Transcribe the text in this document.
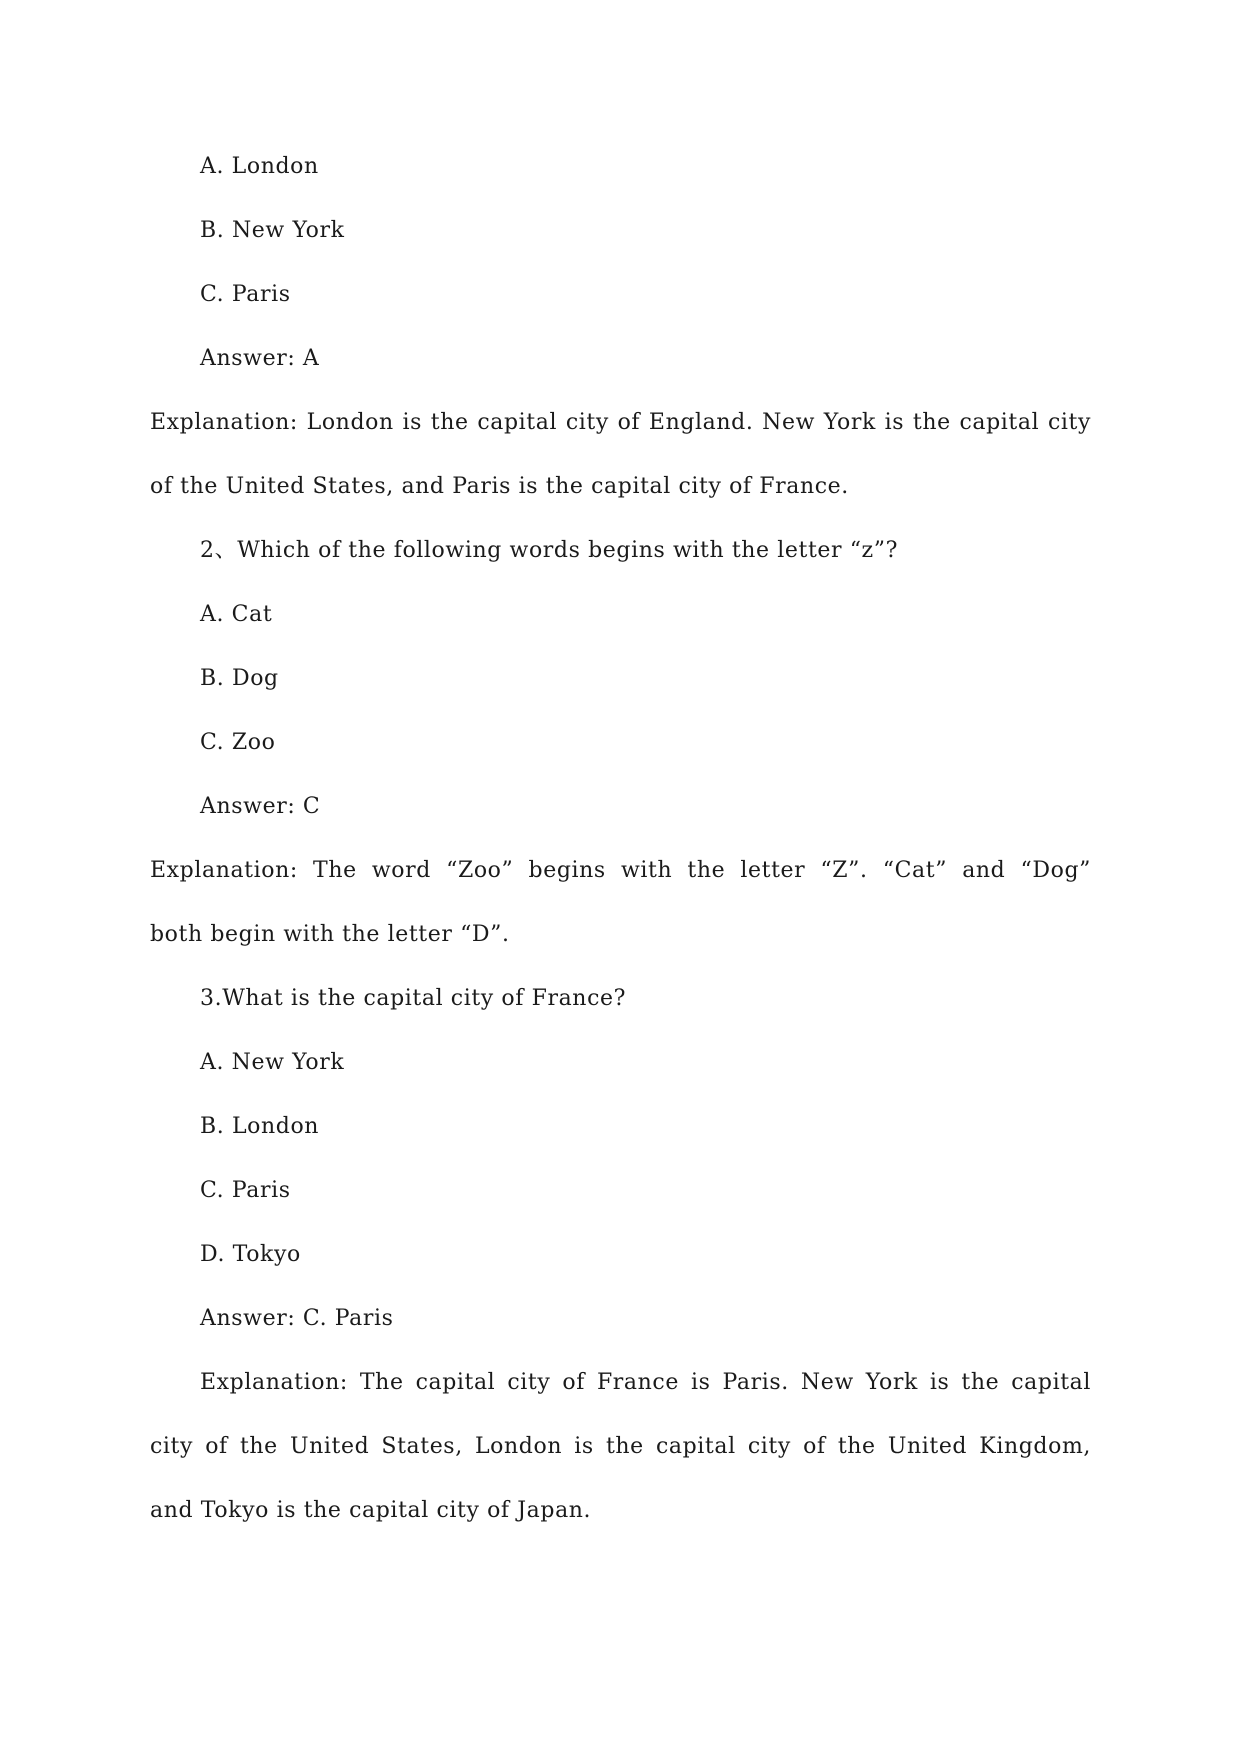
A. London

B. New York

C. Paris

Answer: A

Explanation: London is the capital city of England. New York is the capital city

of the United States, and Paris is the capital city of France.

2、Which of the following words begins with the letter “z”?

A. Cat

B. Dog

C. Zoo

Answer: C

Explanation: The word “Zoo” begins with the letter “Z”. “Cat” and “Dog”

both begin with the letter “D”.

3.What is the capital city of France?

A. New York

B. London

C. Paris

D. Tokyo

Answer: C. Paris

Explanation: The capital city of France is Paris. New York is the capital

city of the United States, London is the capital city of the United Kingdom,

and Tokyo is the capital city of Japan.
